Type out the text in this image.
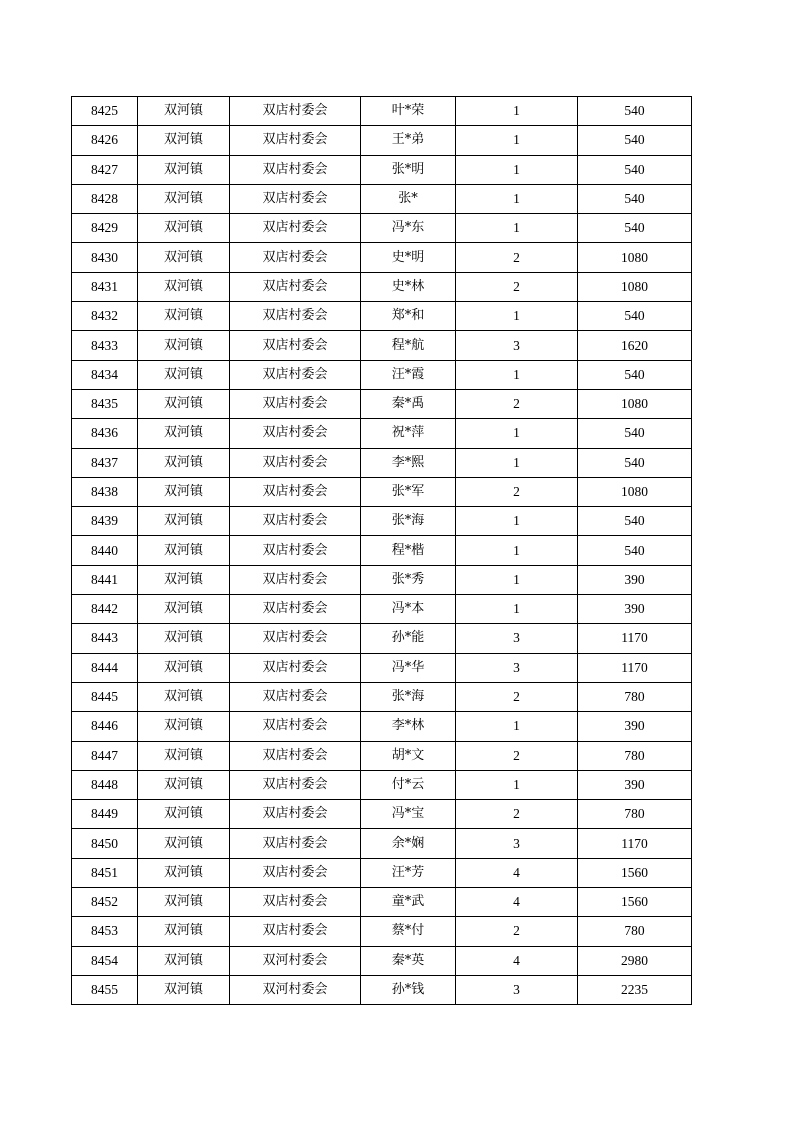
8425	双河镇	双店村委会	叶*荣	1	540
8426	双河镇	双店村委会	王*弟	1	540
8427	双河镇	双店村委会	张*明	1	540
8428	双河镇	双店村委会	张*	1	540
8429	双河镇	双店村委会	冯*东	1	540
8430	双河镇	双店村委会	史*明	2	1080
8431	双河镇	双店村委会	史*林	2	1080
8432	双河镇	双店村委会	郑*和	1	540
8433	双河镇	双店村委会	程*航	3	1620
8434	双河镇	双店村委会	汪*霞	1	540
8435	双河镇	双店村委会	秦*禹	2	1080
8436	双河镇	双店村委会	祝*萍	1	540
8437	双河镇	双店村委会	李*熙	1	540
8438	双河镇	双店村委会	张*军	2	1080
8439	双河镇	双店村委会	张*海	1	540
8440	双河镇	双店村委会	程*楷	1	540
8441	双河镇	双店村委会	张*秀	1	390
8442	双河镇	双店村委会	冯*本	1	390
8443	双河镇	双店村委会	孙*能	3	1170
8444	双河镇	双店村委会	冯*华	3	1170
8445	双河镇	双店村委会	张*海	2	780
8446	双河镇	双店村委会	李*林	1	390
8447	双河镇	双店村委会	胡*文	2	780
8448	双河镇	双店村委会	付*云	1	390
8449	双河镇	双店村委会	冯*宝	2	780
8450	双河镇	双店村委会	余*娴	3	1170
8451	双河镇	双店村委会	汪*芳	4	1560
8452	双河镇	双店村委会	童*武	4	1560
8453	双河镇	双店村委会	蔡*付	2	780
8454	双河镇	双河村委会	秦*英	4	2980
8455	双河镇	双河村委会	孙*钱	3	2235
